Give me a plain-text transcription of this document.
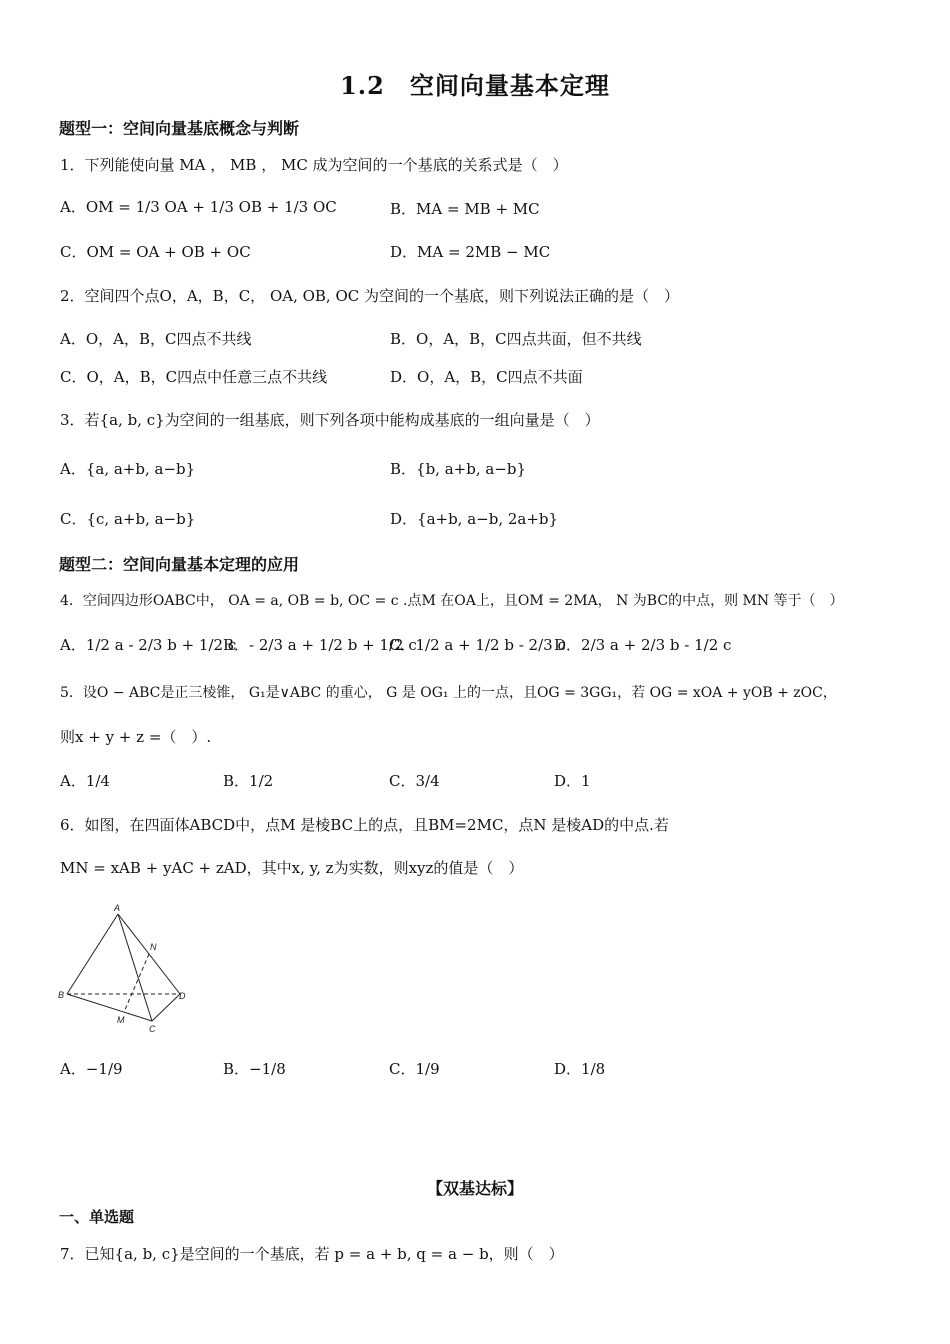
1.2　空间向量基本定理
题型一：空间向量基底概念与判断
1．下列能使向量 MA ， MB ， MC 成为空间的一个基底的关系式是（　）
A．OM = 1/3 OA + 1/3 OB + 1/3 OC	B．MA = MB + MC
C．OM = OA + OB + OC	D．MA = 2MB − MC
2．空间四个点O，A，B，C， OA, OB, OC 为空间的一个基底，则下列说法正确的是（　）
A．O，A，B，C四点不共线	B．O，A，B，C四点共面，但不共线
C．O，A，B，C四点中任意三点不共线	D．O，A，B，C四点不共面
3．若{a, b, c}为空间的一组基底，则下列各项中能构成基底的一组向量是（　）
A．{a, a+b, a−b}	B．{b, a+b, a−b}
C．{c, a+b, a−b}	D．{a+b, a−b, 2a+b}
题型二：空间向量基本定理的应用
4．空间四边形OABC中， OA = a, OB = b, OC = c .点M 在OA上，且OM = 2MA， N 为BC的中点，则 MN 等于（　）
A．1/2 a - 2/3 b + 1/2 c
B．- 2/3 a + 1/2 b + 1/2 c
C．1/2 a + 1/2 b - 2/3 c
D．2/3 a + 2/3 b - 1/2 c
5．设O − ABC是正三棱锥， G₁是∨ABC 的重心， G 是 OG₁ 上的一点，且OG = 3GG₁，若 OG = xOA + yOB + zOC，
则x + y + z =（　）.
A．1/4	B．1/2	C．3/4	D．1
6．如图，在四面体ABCD中，点M 是棱BC上的点，且BM=2MC，点N 是棱AD的中点.若
MN = xAB + yAC + zAD，其中x, y, z为实数，则xyz的值是（　）
A
B
C
D
M
N
A．−1/9	B．−1/8	C．1/9	D．1/8
【双基达标】
一、单选题
7．已知{a, b, c}是空间的一个基底，若 p = a + b, q = a − b，则（　）
